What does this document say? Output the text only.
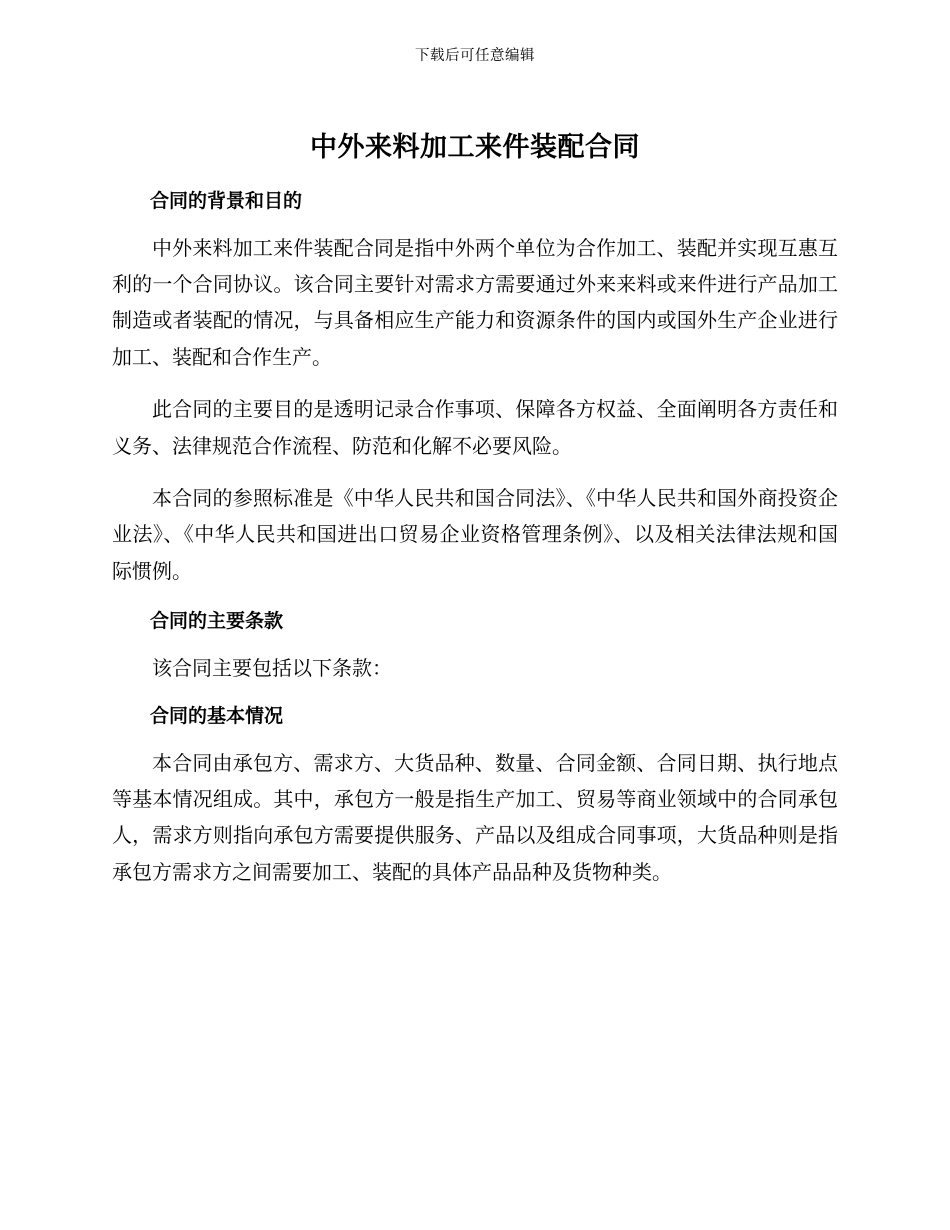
下载后可任意编辑
中外来料加工来件装配合同
合同的背景和目的

中外来料加工来件装配合同是指中外两个单位为合作加工、装配并实现互惠互利的一个合同协议。该合同主要针对需求方需要通过外来来料或来件进行产品加工制造或者装配的情况，与具备相应生产能力和资源条件的国内或国外生产企业进行加工、装配和合作生产。

此合同的主要目的是透明记录合作事项、保障各方权益、全面阐明各方责任和义务、法律规范合作流程、防范和化解不必要风险。

本合同的参照标准是《中华人民共和国合同法》、《中华人民共和国外商投资企业法》、《中华人民共和国进出口贸易企业资格管理条例》、以及相关法律法规和国际惯例。

合同的主要条款

该合同主要包括以下条款：

合同的基本情况

本合同由承包方、需求方、大货品种、数量、合同金额、合同日期、执行地点等基本情况组成。其中，承包方一般是指生产加工、贸易等商业领域中的合同承包人，需求方则指向承包方需要提供服务、产品以及组成合同事项，大货品种则是指承包方需求方之间需要加工、装配的具体产品品种及货物种类。
